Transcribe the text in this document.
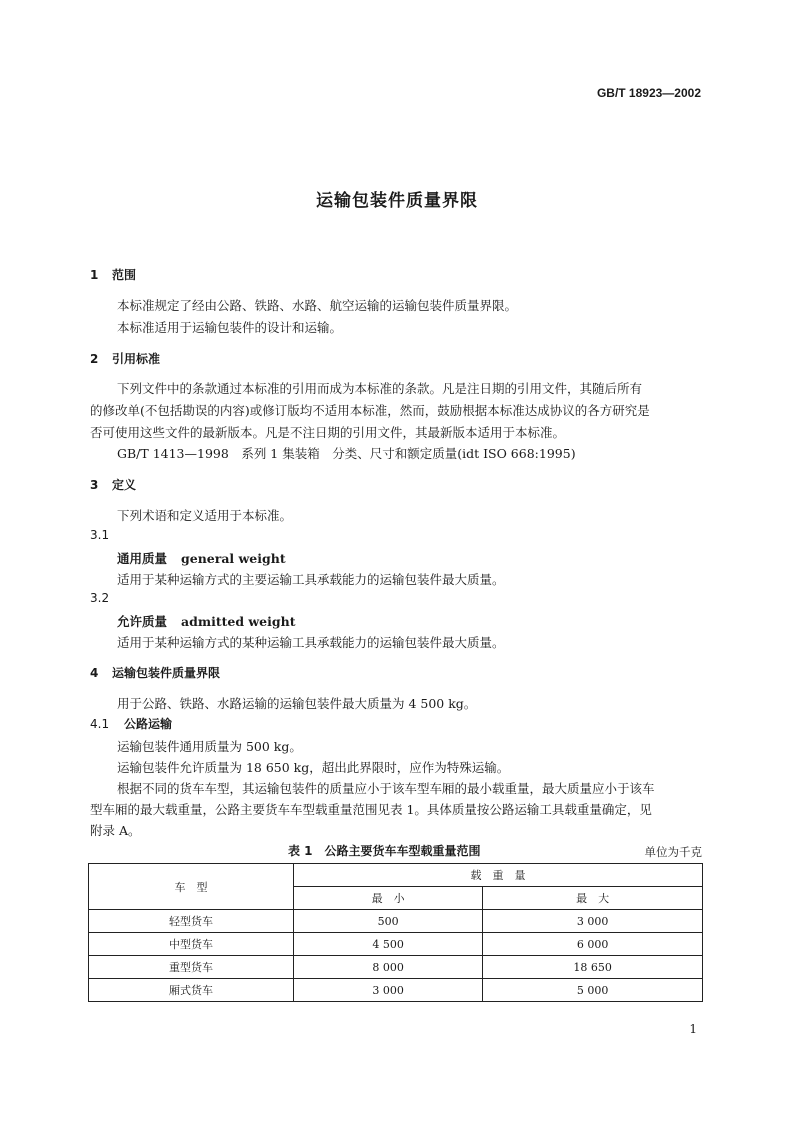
GB/T 18923—2002
运输包装件质量界限
1 范围
本标准规定了经由公路、铁路、水路、航空运输的运输包装件质量界限。
本标准适用于运输包装件的设计和运输。
2 引用标准
下列文件中的条款通过本标准的引用而成为本标准的条款。凡是注日期的引用文件，其随后所有
的修改单(不包括勘误的内容)或修订版均不适用本标准，然而，鼓励根据本标准达成协议的各方研究是
否可使用这些文件的最新版本。凡是不注日期的引用文件，其最新版本适用于本标准。
GB/T 1413—1998　系列 1 集装箱　分类、尺寸和额定质量(idt ISO 668:1995)
3 定义
下列术语和定义适用于本标准。
3.1
通用质量 general weight
适用于某种运输方式的主要运输工具承载能力的运输包装件最大质量。
3.2
允许质量 admitted weight
适用于某种运输方式的某种运输工具承载能力的运输包装件最大质量。
4 运输包装件质量界限
用于公路、铁路、水路运输的运输包装件最大质量为 4 500 kg。
4.1 公路运输
运输包装件通用质量为 500 kg。
运输包装件允许质量为 18 650 kg，超出此界限时，应作为特殊运输。
根据不同的货车车型，其运输包装件的质量应小于该车型车厢的最小载重量，最大质量应小于该车
型车厢的最大载重量，公路主要货车车型载重量范围见表 1。具体质量按公路运输工具载重量确定，见
附录 A。
表 1　公路主要货车车型载重量范围	单位为千克
车　型	载　重　量	
	最　小	最　大
轻型货车	500	3 000
中型货车	4 500	6 000
重型货车	8 000	18 650
厢式货车	3 000	5 000
1
